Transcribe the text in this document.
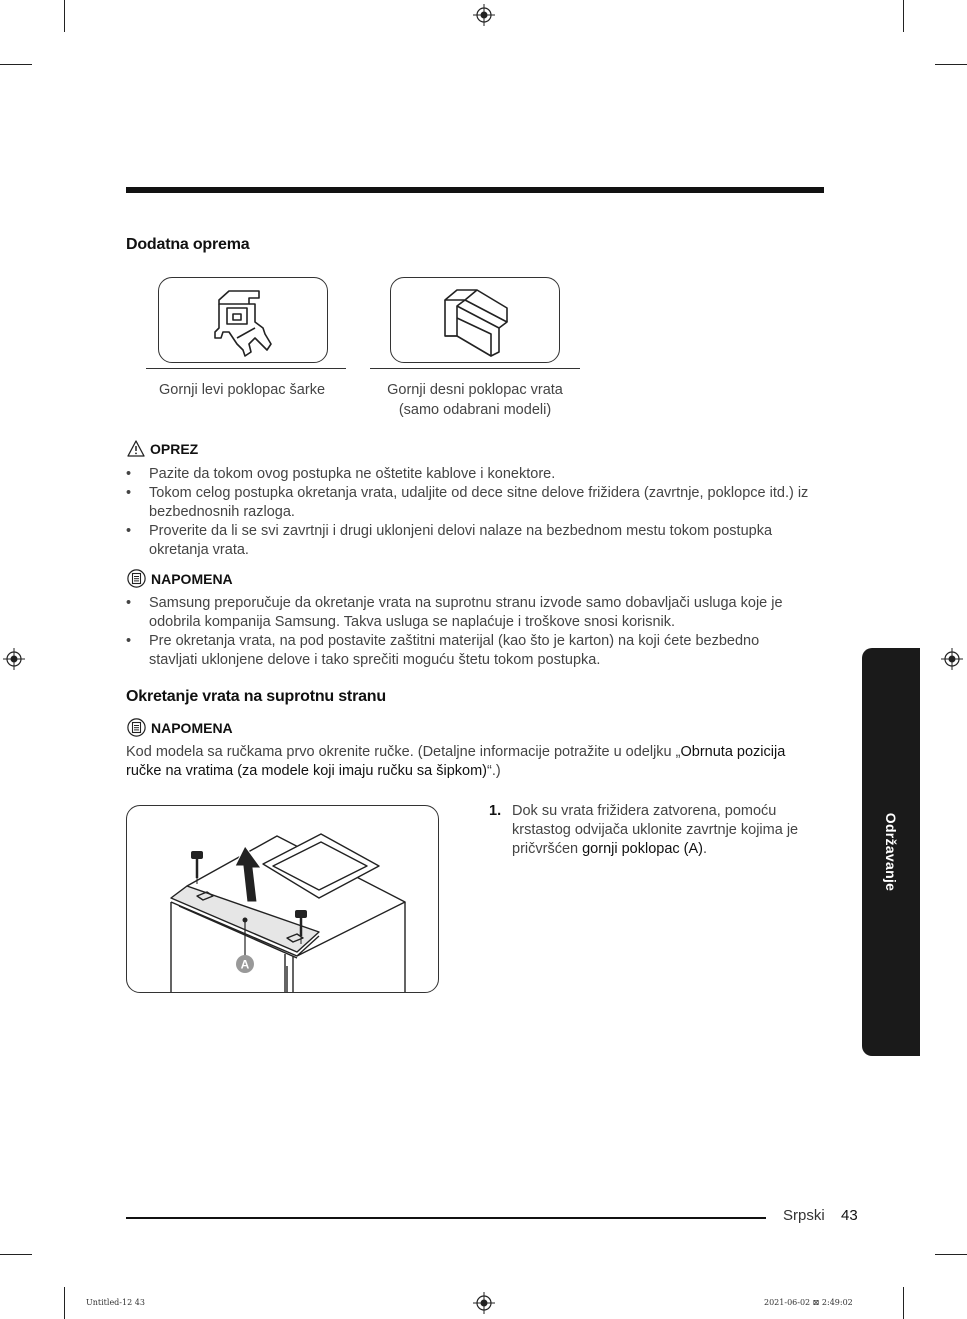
Dodatna oprema
Gornji levi poklopac šarke	Gornji desni poklopac vrata
(samo odabrani modeli)
OPREZ
• Pazite da tokom ovog postupka ne oštetite kablove i konektore.
• Tokom celog postupka okretanja vrata, udaljite od dece sitne delove frižidera (zavrtnje, poklopce itd.) iz bezbednosnih razloga.
• Proverite da li se svi zavrtnji i drugi uklonjeni delovi nalaze na bezbednom mestu tokom postupka okretanja vrata.
NAPOMENA
• Samsung preporučuje da okretanje vrata na suprotnu stranu izvode samo dobavljači usluga koje je odobrila kompanija Samsung. Takva usluga se naplaćuje i troškove snosi korisnik.
• Pre okretanja vrata, na pod postavite zaštitni materijal (kao što je karton) na koji ćete bezbedno stavljati uklonjene delove i tako sprečiti moguću štetu tokom postupka.
Okretanje vrata na suprotnu stranu
NAPOMENA
Kod modela sa ručkama prvo okrenite ručke. (Detaljne informacije potražite u odeljku „Obrnuta pozicija ručke na vratima (za modele koji imaju ručku sa šipkom)“.)
A
1. Dok su vrata frižidera zatvorena, pomoću krstastog odvijača uklonite zavrtnje kojima je pričvršćen gornji poklopac (A).	Održavanje
Srpski 43
Untitled-12 43	2021-06-02 ⊠ 2:49:02
